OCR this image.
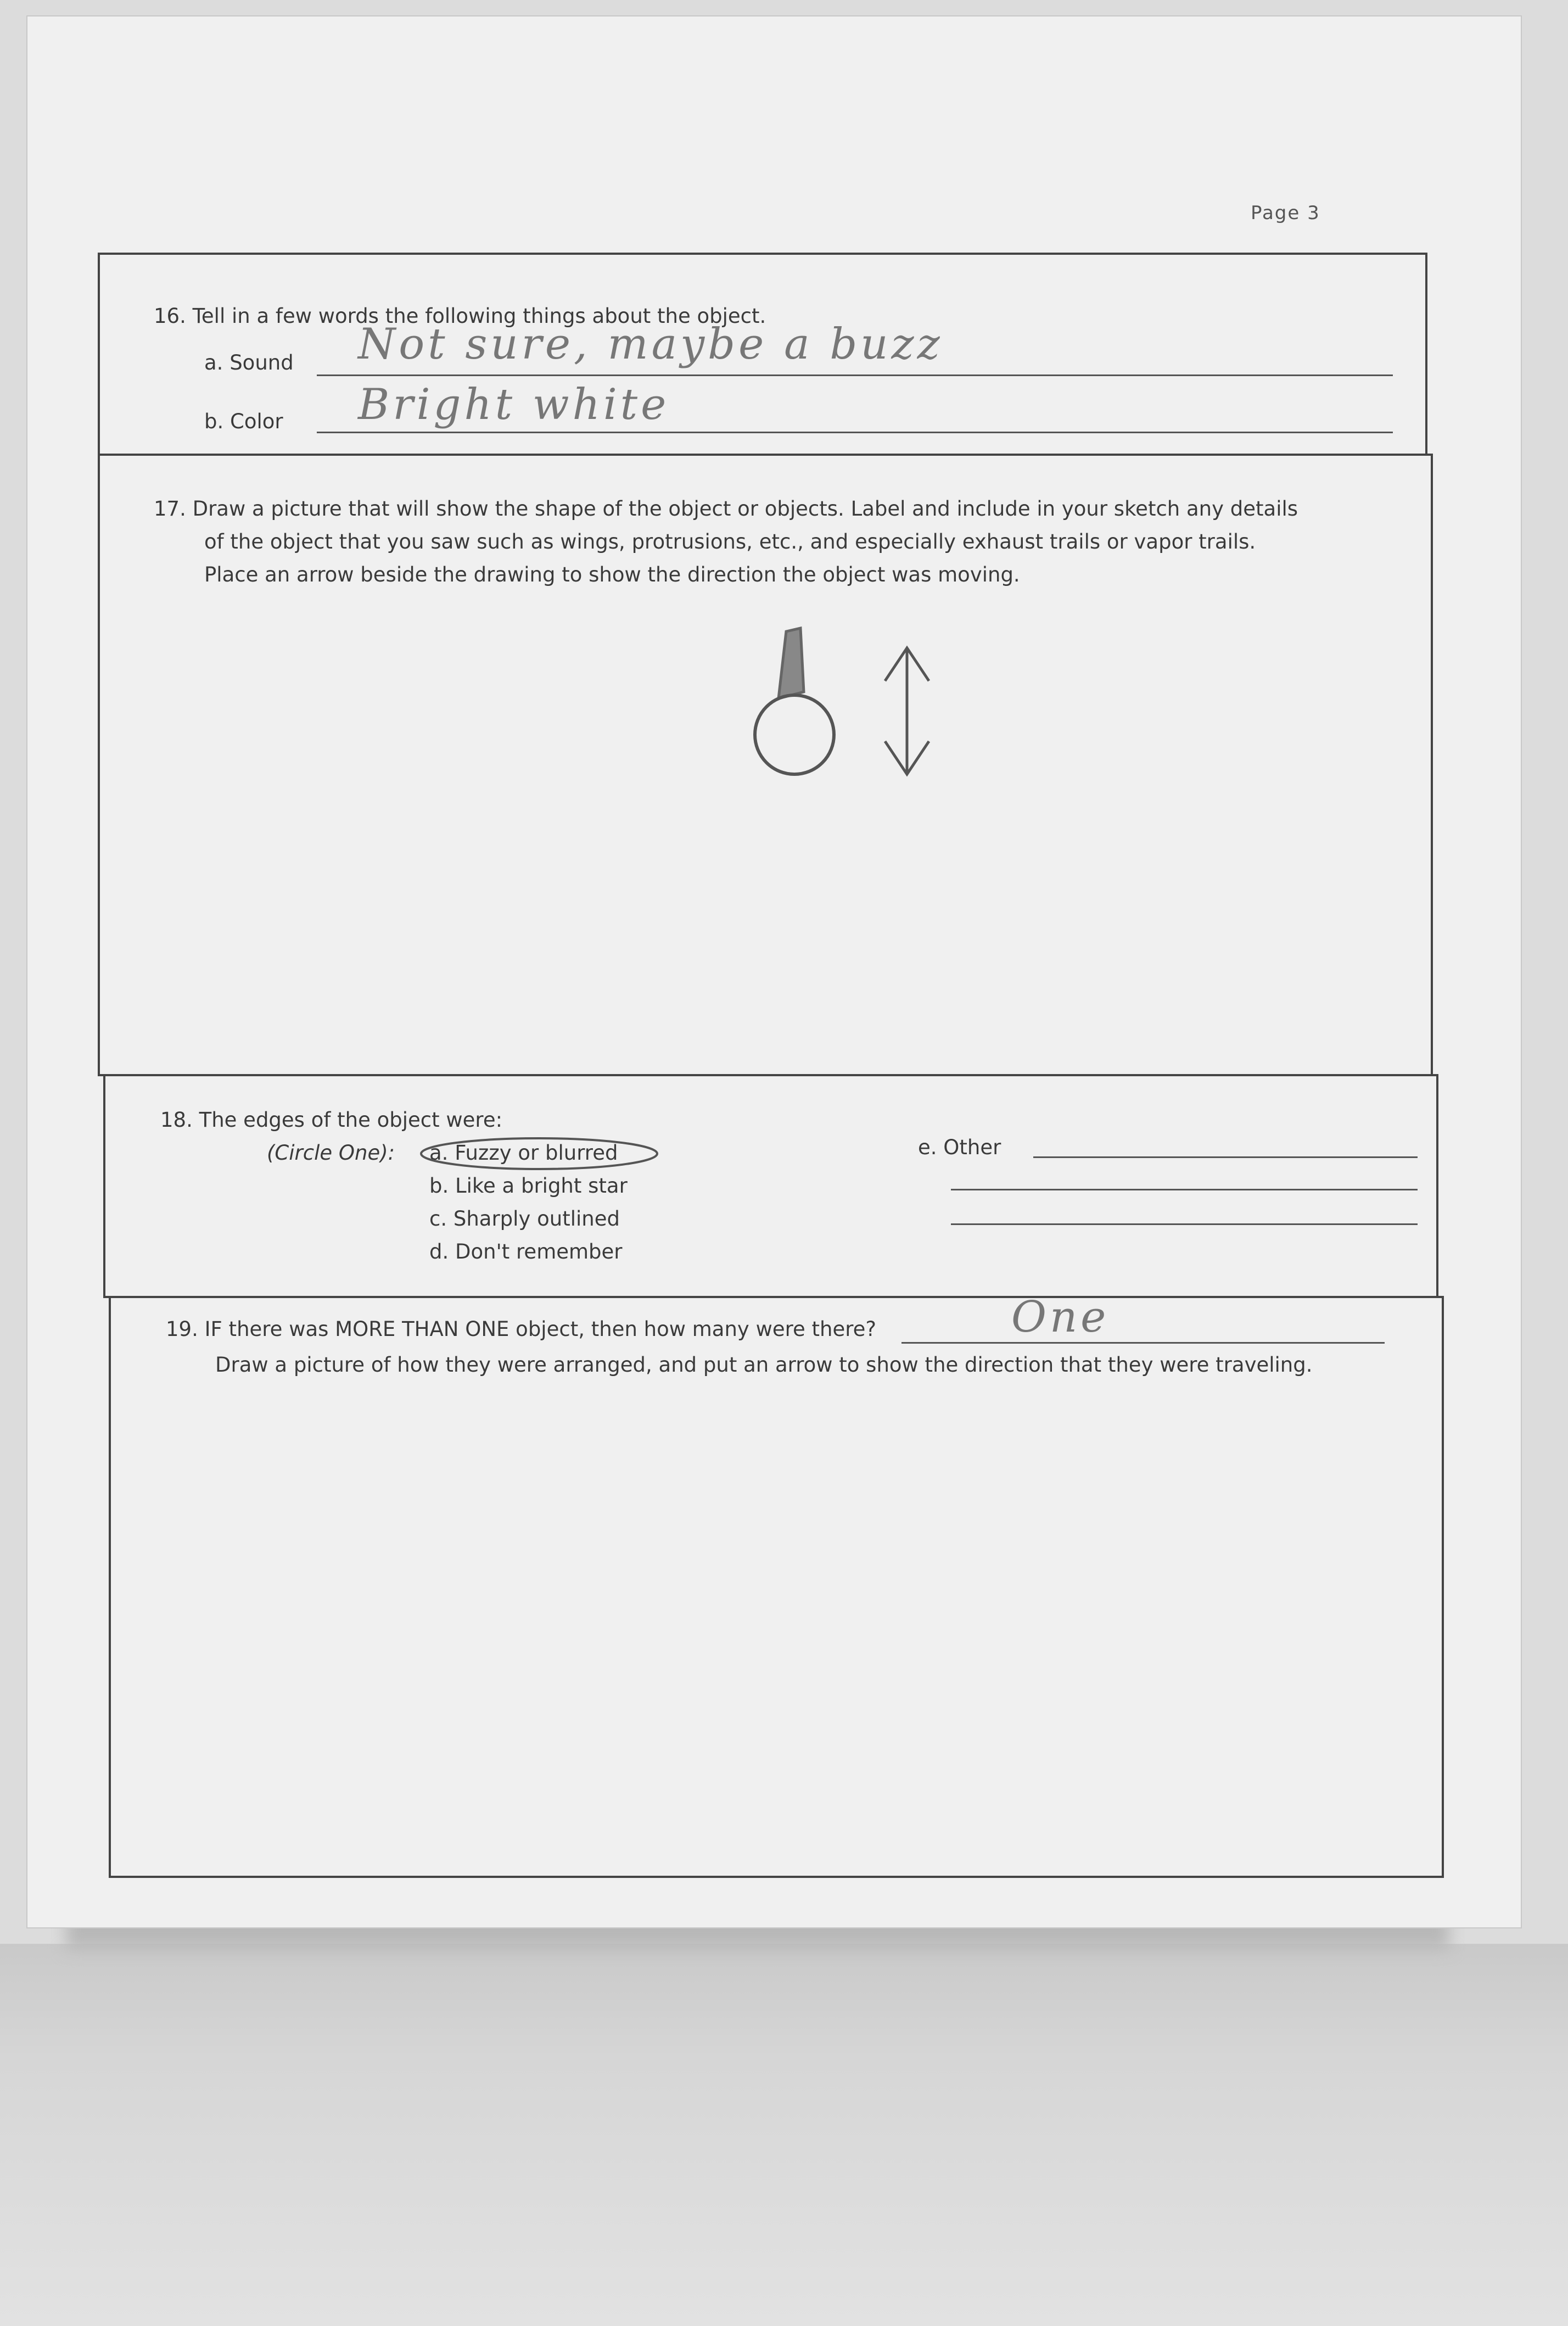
Page 3
16. Tell in a few words the following things about the object.
a. Sound Not sure, maybe a buzz
b. Color Bright white
17. Draw a picture that will show the shape of the object or objects. Label and include in your sketch any details
of the object that you saw such as wings, protrusions, etc., and especially exhaust trails or vapor trails.
Place an arrow beside the drawing to show the direction the object was moving.
18. The edges of the object were:
(Circle One): a. Fuzzy or blurred
b. Like a bright star
c. Sharply outlined
d. Don't remember
e. Other
19. IF there was MORE THAN ONE object, then how many were there?	One
Draw a picture of how they were arranged, and put an arrow to show the direction that they were traveling.
